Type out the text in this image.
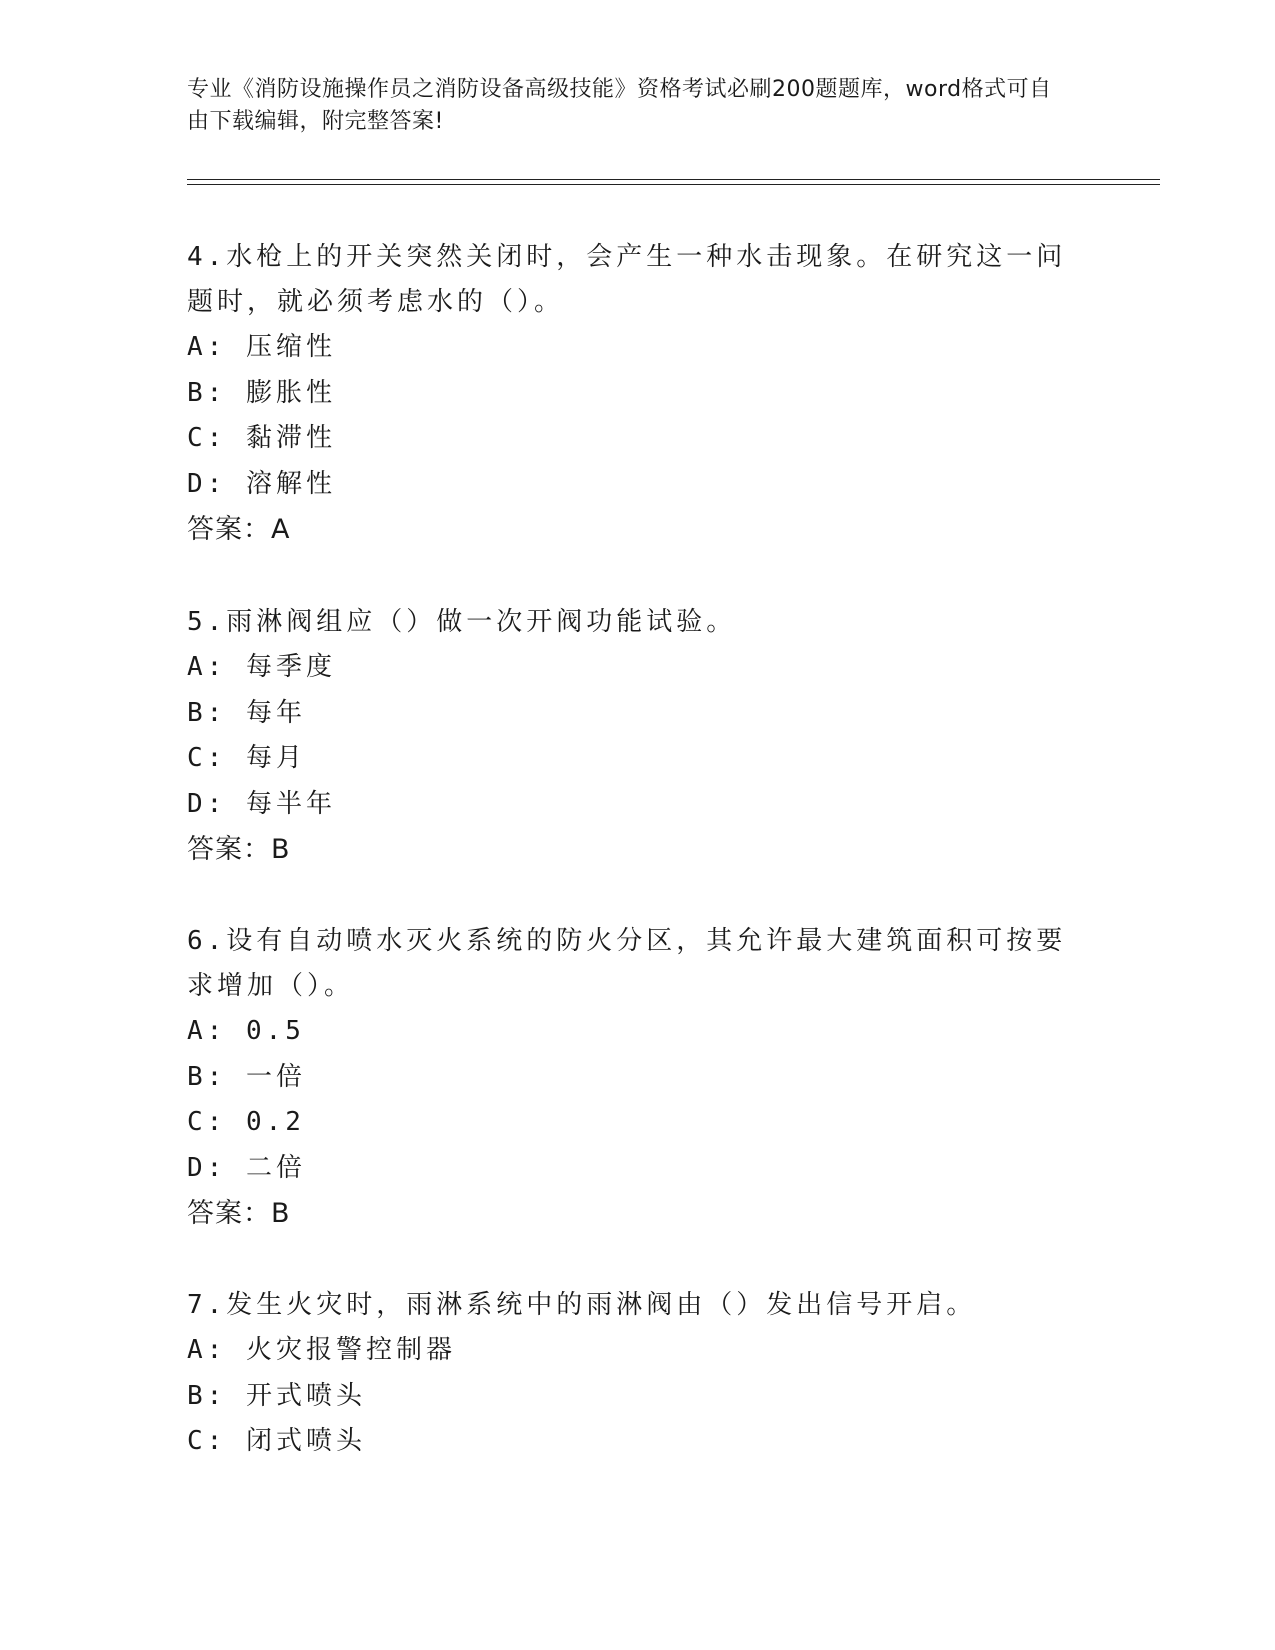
专业《消防设施操作员之消防设备高级技能》资格考试必刷200题题库，word格式可自由下载编辑，附完整答案!

4.水枪上的开关突然关闭时，会产生一种水击现象。在研究这一问题时，就必须考虑水的（）。

A: 压缩性

B: 膨胀性

C: 黏滞性

D: 溶解性

答案：A

5.雨淋阀组应（）做一次开阀功能试验。

A: 每季度

B: 每年

C: 每月

D: 每半年

答案：B

6.设有自动喷水灭火系统的防火分区，其允许最大建筑面积可按要求增加（）。

A: 0.5

B: 一倍

C: 0.2

D: 二倍

答案：B

7.发生火灾时，雨淋系统中的雨淋阀由（）发出信号开启。

A: 火灾报警控制器

B: 开式喷头

C: 闭式喷头
